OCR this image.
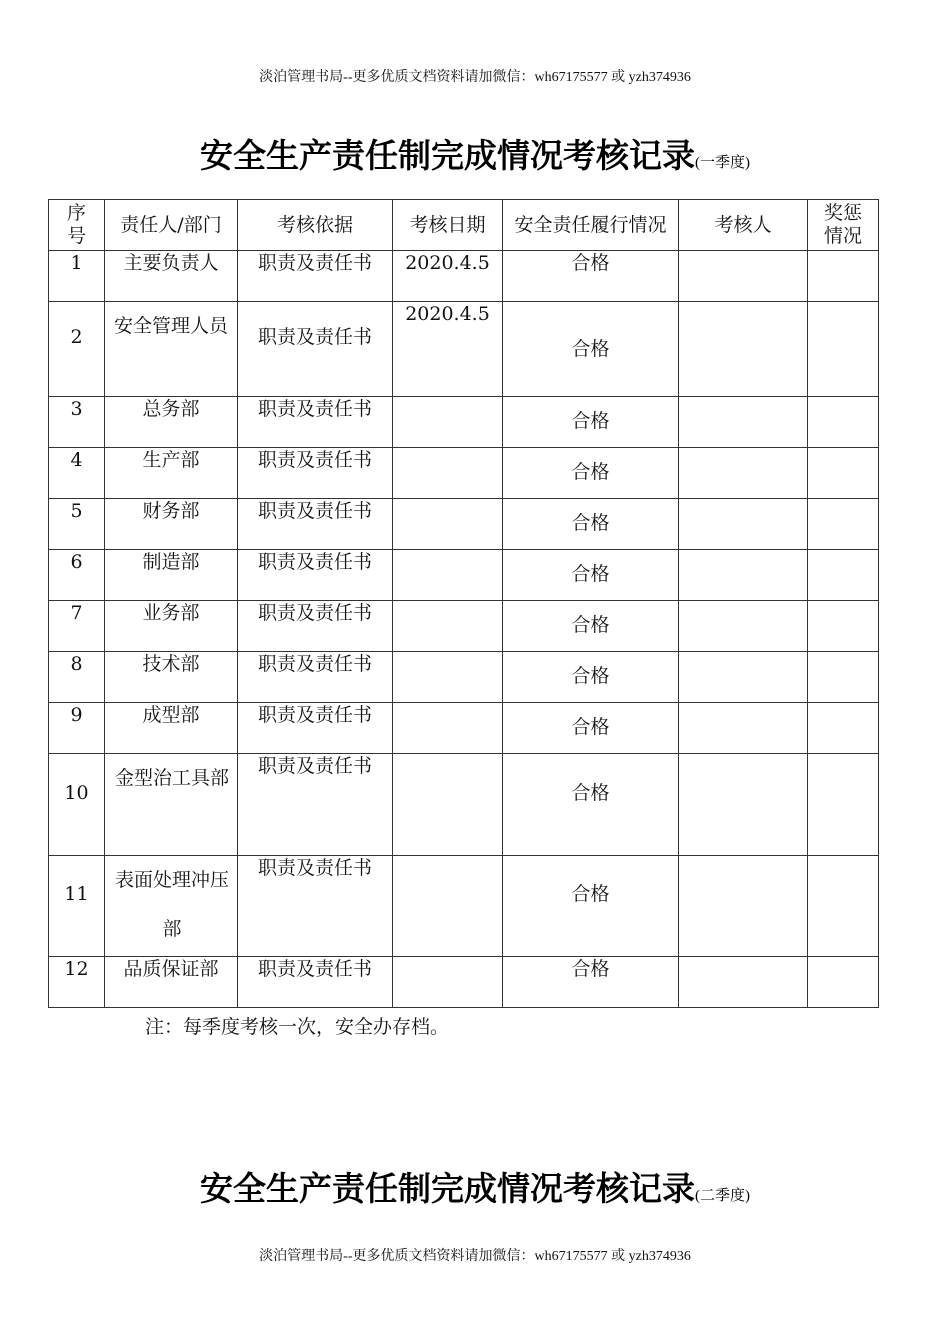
淡泊管理书局--更多优质文档资料请加微信：wh67175577 或 yzh374936
安全生产责任制完成情况考核记录(一季度)
序号	责任人/部门	考核依据	考核日期	安全责任履行情况	考核人	奖惩情况
1	主要负责人	职责及责任书	2020.4.5	合格		
2	安全管理人员	职责及责任书	2020.4.5	合格		
3	总务部	职责及责任书		合格		
4	生产部	职责及责任书		合格		
5	财务部	职责及责任书		合格		
6	制造部	职责及责任书		合格		
7	业务部	职责及责任书		合格		
8	技术部	职责及责任书		合格		
9	成型部	职责及责任书		合格		
10	金型治工具部	职责及责任书		合格		
11	表面处理冲压部	职责及责任书		合格		
12	品质保证部	职责及责任书		合格		
注：每季度考核一次，安全办存档。
安全生产责任制完成情况考核记录(二季度)
淡泊管理书局--更多优质文档资料请加微信：wh67175577 或 yzh374936
